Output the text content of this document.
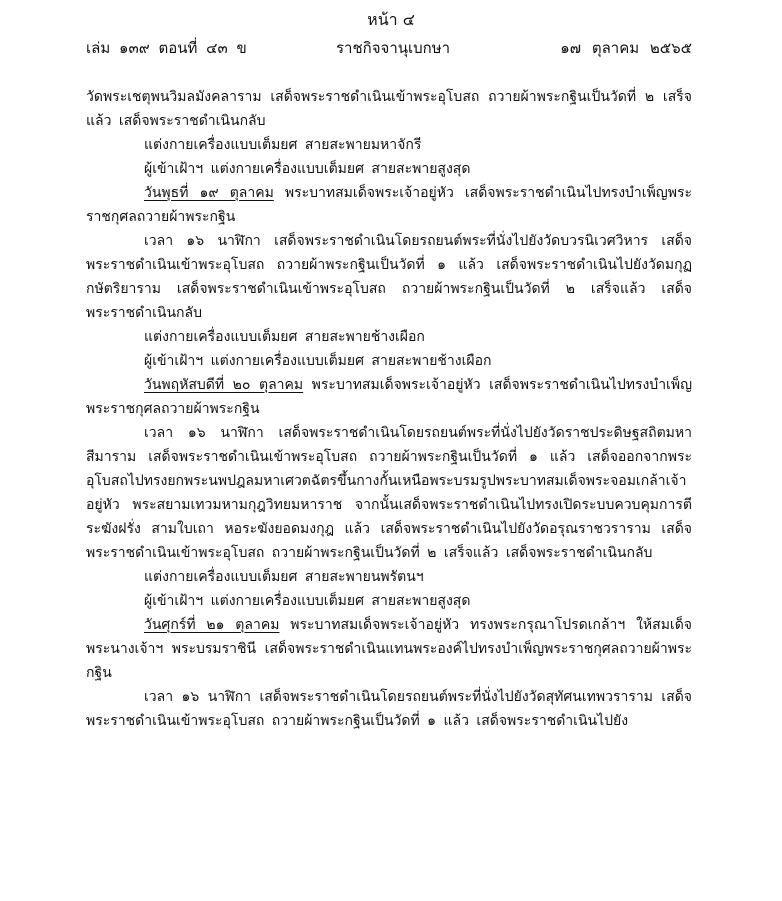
หน้า ๔
เล่ม ๑๓๙ ตอนที่ ๔๓ ข	ราชกิจจานุเบกษา	๑๗ ตุลาคม ๒๕๖๕

วัดพระเชตุพนวิมลมังคลาราม เสด็จพระราชดำเนินเข้าพระอุโบสถ ถวายผ้าพระกฐินเป็นวัดที่ ๒ เสร็จแล้ว เสด็จพระราชดำเนินกลับ

แต่งกายเครื่องแบบเต็มยศ สายสะพายมหาจักรี

ผู้เข้าเฝ้าฯ แต่งกายเครื่องแบบเต็มยศ สายสะพายสูงสุด

วันพุธที่ ๑๙ ตุลาคม พระบาทสมเด็จพระเจ้าอยู่หัว เสด็จพระราชดำเนินไปทรงบำเพ็ญพระราชกุศลถวายผ้าพระกฐิน

เวลา ๑๖ นาฬิกา เสด็จพระราชดำเนินโดยรถยนต์พระที่นั่งไปยังวัดบวรนิเวศวิหาร เสด็จพระราชดำเนินเข้าพระอุโบสถ ถวายผ้าพระกฐินเป็นวัดที่ ๑ แล้ว เสด็จพระราชดำเนินไปยังวัดมกุฏกษัตริยาราม เสด็จพระราชดำเนินเข้าพระอุโบสถ ถวายผ้าพระกฐินเป็นวัดที่ ๒ เสร็จแล้ว เสด็จพระราชดำเนินกลับ

แต่งกายเครื่องแบบเต็มยศ สายสะพายช้างเผือก

ผู้เข้าเฝ้าฯ แต่งกายเครื่องแบบเต็มยศ สายสะพายช้างเผือก

วันพฤหัสบดีที่ ๒๐ ตุลาคม พระบาทสมเด็จพระเจ้าอยู่หัว เสด็จพระราชดำเนินไปทรงบำเพ็ญพระราชกุศลถวายผ้าพระกฐิน

เวลา ๑๖ นาฬิกา เสด็จพระราชดำเนินโดยรถยนต์พระที่นั่งไปยังวัดราชประดิษฐสถิตมหาสีมาราม เสด็จพระราชดำเนินเข้าพระอุโบสถ ถวายผ้าพระกฐินเป็นวัดที่ ๑ แล้ว เสด็จออกจากพระอุโบสถไปทรงยกพระนพปฎลมหาเศวตฉัตรขึ้นกางกั้นเหนือพระบรมรูปพระบาทสมเด็จพระจอมเกล้าเจ้าอยู่หัว พระสยามเทวมหามกุฎวิทยมหาราช จากนั้นเสด็จพระราชดำเนินไปทรงเปิดระบบควบคุมการตีระฆังฝรั่ง สามใบเถา หอระฆังยอดมงกุฎ แล้ว เสด็จพระราชดำเนินไปยังวัดอรุณราชวราราม เสด็จพระราชดำเนินเข้าพระอุโบสถ ถวายผ้าพระกฐินเป็นวัดที่ ๒ เสร็จแล้ว เสด็จพระราชดำเนินกลับ

แต่งกายเครื่องแบบเต็มยศ สายสะพายนพรัตนฯ

ผู้เข้าเฝ้าฯ แต่งกายเครื่องแบบเต็มยศ สายสะพายสูงสุด

วันศุกร์ที่ ๒๑ ตุลาคม พระบาทสมเด็จพระเจ้าอยู่หัว ทรงพระกรุณาโปรดเกล้าฯ ให้สมเด็จพระนางเจ้าฯ พระบรมราชินี เสด็จพระราชดำเนินแทนพระองค์ไปทรงบำเพ็ญพระราชกุศลถวายผ้าพระกฐิน

เวลา ๑๖ นาฬิกา เสด็จพระราชดำเนินโดยรถยนต์พระที่นั่งไปยังวัดสุทัศนเทพวราราม เสด็จพระราชดำเนินเข้าพระอุโบสถ ถวายผ้าพระกฐินเป็นวัดที่ ๑ แล้ว เสด็จพระราชดำเนินไปยัง
